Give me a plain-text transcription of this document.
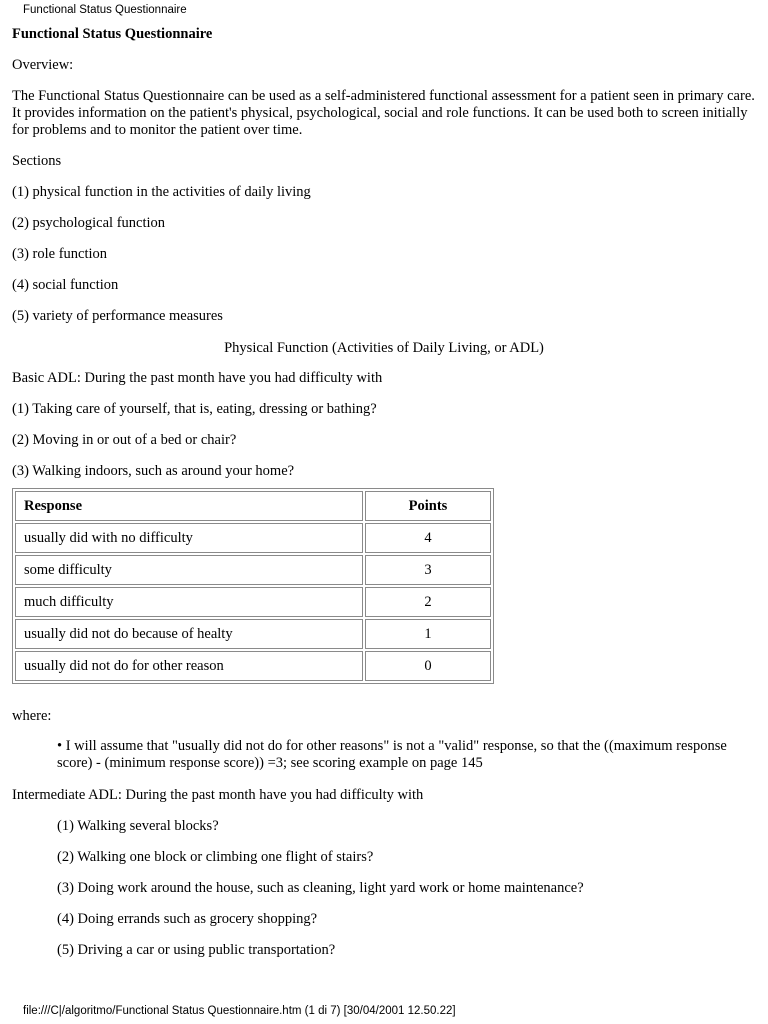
Functional Status Questionnaire
Functional Status Questionnaire
Overview:
The Functional Status Questionnaire can be used as a self-administered functional assessment for a patient seen in primary care. It provides information on the patient's physical, psychological, social and role functions. It can be used both to screen initially for problems and to monitor the patient over time.
Sections
(1) physical function in the activities of daily living
(2) psychological function
(3) role function
(4) social function
(5) variety of performance measures
Physical Function (Activities of Daily Living, or ADL)
Basic ADL: During the past month have you had difficulty with
(1) Taking care of yourself, that is, eating, dressing or bathing?
(2) Moving in or out of a bed or chair?
(3) Walking indoors, such as around your home?
Response	Points
usually did with no difficulty	4
some difficulty	3
much difficulty	2
usually did not do because of healty	1
usually did not do for other reason	0
where:
• I will assume that "usually did not do for other reasons" is not a "valid" response, so that the ((maximum response score) - (minimum response score)) =3; see scoring example on page 145
Intermediate ADL: During the past month have you had difficulty with
(1) Walking several blocks?
(2) Walking one block or climbing one flight of stairs?
(3) Doing work around the house, such as cleaning, light yard work or home maintenance?
(4) Doing errands such as grocery shopping?
(5) Driving a car or using public transportation?
file:///C|/algoritmo/Functional Status Questionnaire.htm (1 di 7) [30/04/2001 12.50.22]
